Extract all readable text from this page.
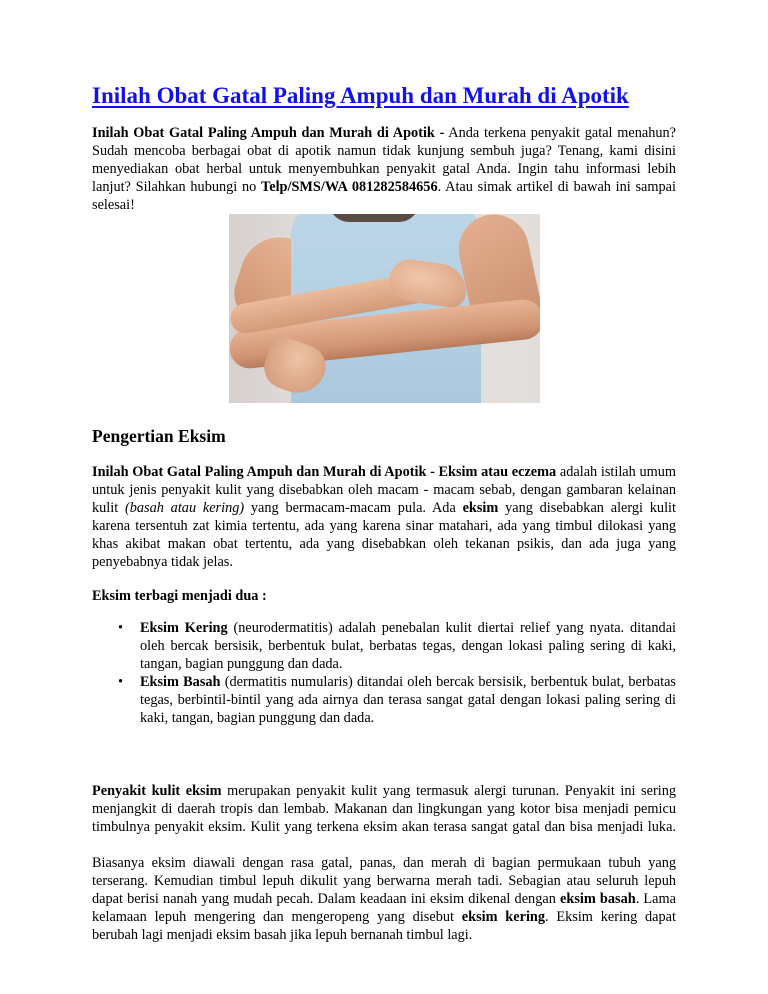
Inilah Obat Gatal Paling Ampuh dan Murah di Apotik

Inilah Obat Gatal Paling Ampuh dan Murah di Apotik - Anda terkena penyakit gatal menahun? Sudah mencoba berbagai obat di apotik namun tidak kunjung sembuh juga? Tenang, kami disini menyediakan obat herbal untuk menyembuhkan penyakit gatal Anda. Ingin tahu informasi lebih lanjut? Silahkan hubungi no Telp/SMS/WA 081282584656. Atau simak artikel di bawah ini sampai selesai!

Pengertian Eksim

Inilah Obat Gatal Paling Ampuh dan Murah di Apotik - Eksim atau eczema adalah istilah umum untuk jenis penyakit kulit yang disebabkan oleh macam - macam sebab, dengan gambaran kelainan kulit (basah atau kering) yang bermacam-macam pula. Ada eksim yang disebabkan alergi kulit karena tersentuh zat kimia tertentu, ada yang karena sinar matahari, ada yang timbul dilokasi yang khas akibat makan obat tertentu, ada yang disebabkan oleh tekanan psikis, dan ada juga yang penyebabnya tidak jelas.

Eksim terbagi menjadi dua :

• Eksim Kering (neurodermatitis) adalah penebalan kulit diertai relief yang nyata. ditandai oleh bercak bersisik, berbentuk bulat, berbatas tegas, dengan lokasi paling sering di kaki, tangan, bagian punggung dan dada.
• Eksim Basah (dermatitis numularis) ditandai oleh bercak bersisik, berbentuk bulat, berbatas tegas, berbintil-bintil yang ada airnya dan terasa sangat gatal dengan lokasi paling sering di kaki, tangan, bagian punggung dan dada.

Penyakit kulit eksim merupakan penyakit kulit yang termasuk alergi turunan. Penyakit ini sering menjangkit di daerah tropis dan lembab. Makanan dan lingkungan yang kotor bisa menjadi pemicu timbulnya penyakit eksim. Kulit yang terkena eksim akan terasa sangat gatal dan bisa menjadi luka.

Biasanya eksim diawali dengan rasa gatal, panas, dan merah di bagian permukaan tubuh yang terserang. Kemudian timbul lepuh dikulit yang berwarna merah tadi. Sebagian atau seluruh lepuh dapat berisi nanah yang mudah pecah. Dalam keadaan ini eksim dikenal dengan eksim basah. Lama kelamaan lepuh mengering dan mengeropeng yang disebut eksim kering. Eksim kering dapat berubah lagi menjadi eksim basah jika lepuh bernanah timbul lagi.
